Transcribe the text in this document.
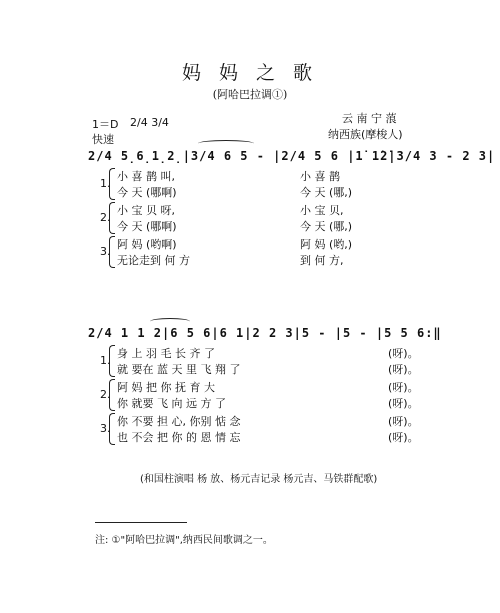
妈 妈 之 歌
(阿哈巴拉调①)
1＝D 2/4 3/4
快速
云 南 宁 蒗
纳西族(摩梭人)
2/4 5̣6̣1̣2̣|3/4 6 5 - |2/4 5 6 |1̇ 1̇2̇|3/4 3 - 2 3|
1.
小 喜 鹊 叫,	小 喜 鹊
今 天 (哪啊)	今 天 (哪,)
2.
小 宝 贝 呀,	小 宝 贝,
今 天 (哪啊)	今 天 (哪,)
3.
阿 妈 (哟啊)	阿 妈 (哟,)
无论走到 何 方	到 何 方,
2/4 1 1 2|6 5 6|6 1|2 2 3|5 - |5 - |5 5 6:‖
1.
身 上 羽 毛 长 齐 了	(呀)。
就 要在 蓝 天 里 飞 翔 了	(呀)。
2.
阿 妈 把 你 抚 育 大	(呀)。
你 就要 飞 向 远 方 了	(呀)。
3.
你 不要 担 心, 你别 惦 念	(呀)。
也 不会 把 你 的 恩 情 忘	(呀)。
(和国柱演唱 杨 放、杨元吉记录 杨元吉、马铁群配歌)
注: ①"阿哈巴拉调",纳西民间歌调之一。
